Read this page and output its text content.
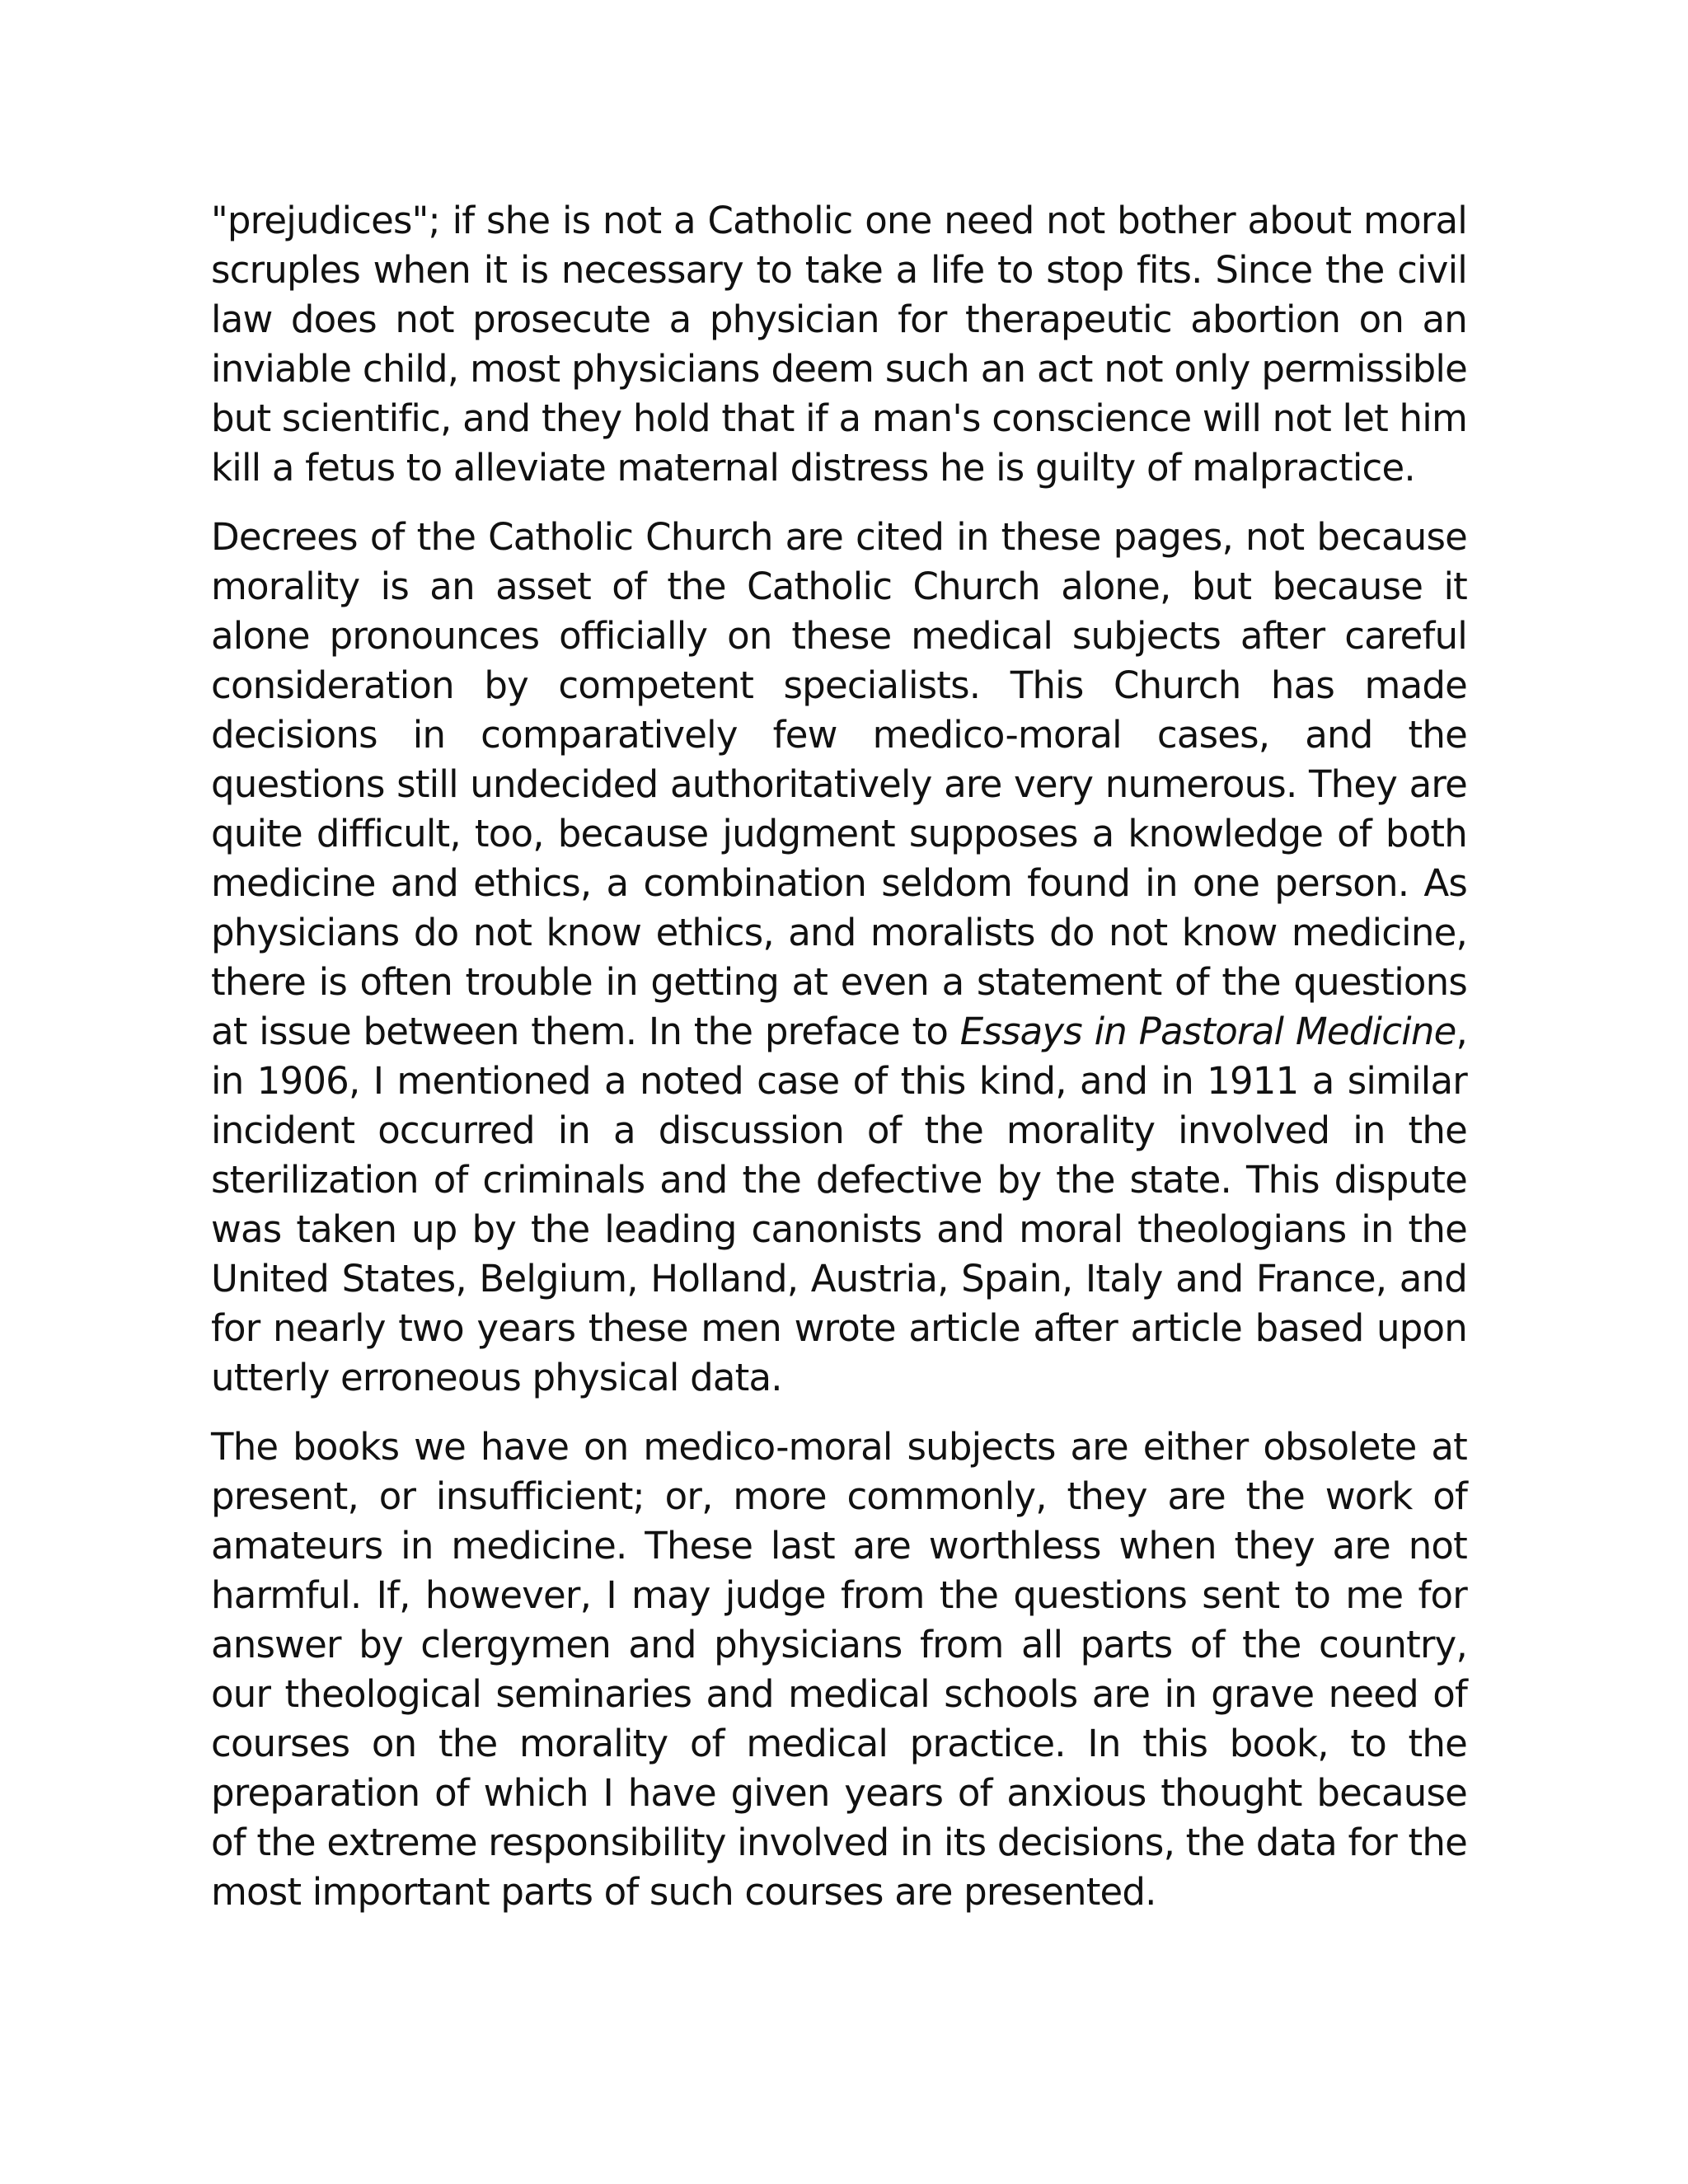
"prejudices"; if she is not a Catholic one need not bother about moral scruples when it is necessary to take a life to stop fits. Since the civil law does not prosecute a physician for therapeutic abortion on an inviable child, most physicians deem such an act not only permissible but scientific, and they hold that if a man's conscience will not let him kill a fetus to alleviate maternal distress he is guilty of malpractice.

Decrees of the Catholic Church are cited in these pages, not because morality is an asset of the Catholic Church alone, but because it alone pronounces officially on these medical subjects after careful consideration by competent specialists. This Church has made decisions in comparatively few medico-moral cases, and the questions still undecided authoritatively are very numerous. They are quite difficult, too, because judgment supposes a knowledge of both medicine and ethics, a combination seldom found in one person. As physicians do not know ethics, and moralists do not know medicine, there is often trouble in getting at even a statement of the questions at issue between them. In the preface to Essays in Pastoral Medicine, in 1906, I mentioned a noted case of this kind, and in 1911 a similar incident occurred in a discussion of the morality involved in the sterilization of criminals and the defective by the state. This dispute was taken up by the leading canonists and moral theologians in the United States, Belgium, Holland, Austria, Spain, Italy and France, and for nearly two years these men wrote article after article based upon utterly erroneous physical data.

The books we have on medico-moral subjects are either obsolete at present, or insufficient; or, more commonly, they are the work of amateurs in medicine. These last are worthless when they are not harmful. If, however, I may judge from the questions sent to me for answer by clergymen and physicians from all parts of the country, our theological seminaries and medical schools are in grave need of courses on the morality of medical practice. In this book, to the preparation of which I have given years of anxious thought because of the extreme responsibility involved in its decisions, the data for the most important parts of such courses are presented.
